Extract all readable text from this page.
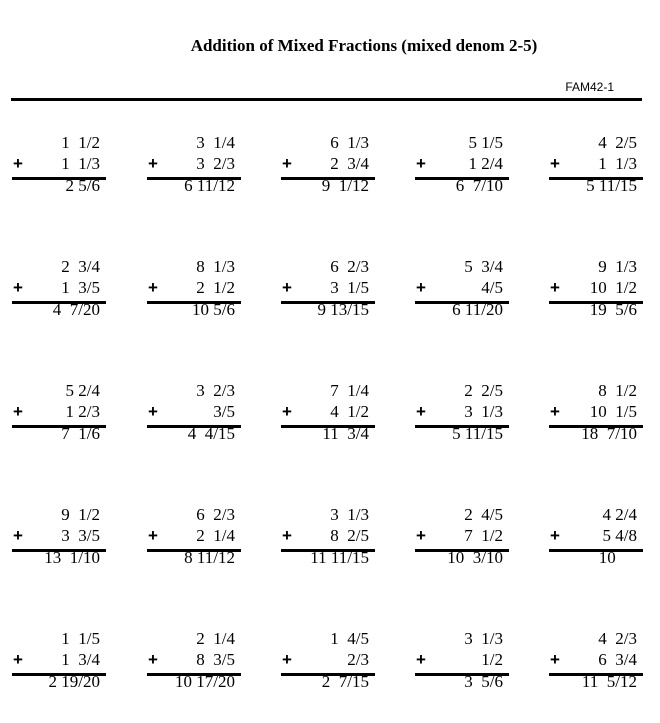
Addition of Mixed Fractions (mixed denom 2-5)
FAM42-1
1  1/2
+ 1  1/3
2 5/6
3  1/4
+ 3  2/3
6 11/12
6  1/3
+ 2  3/4
9  1/12
5 1/5
+	1 2/4
6  7/10
4  2/5
+ 1  1/3
5 11/15
2  3/4
+ 1  3/5
4  7/20
8  1/3
+ 2  1/2
10 5/6
6  2/3
+ 3  1/5
9 13/15
5  3/4
+	4/5
6 11/20
9  1/3
+ 10  1/2
19  5/6
5 2/4
+	1 2/3
7  1/6
3  2/3
+	3/5
4  4/15
7  1/4
+ 4  1/2
11  3/4
2  2/5
+ 3  1/3
5 11/15
8  1/2
+ 10  1/5
18  7/10
9  1/2
+ 3  3/5
13  1/10
6  2/3
+ 2  1/4
8 11/12
3  1/3
+ 8  2/5
11 11/15
2  4/5
+ 7  1/2
10  3/10
4 2/4
+	5 4/8
10
1  1/5
+ 1  3/4
2 19/20
2  1/4
+ 8  3/5
10 17/20
1  4/5
+	2/3
2  7/15
3  1/3
+	1/2
3  5/6
4  2/3
+ 6  3/4
11  5/12
